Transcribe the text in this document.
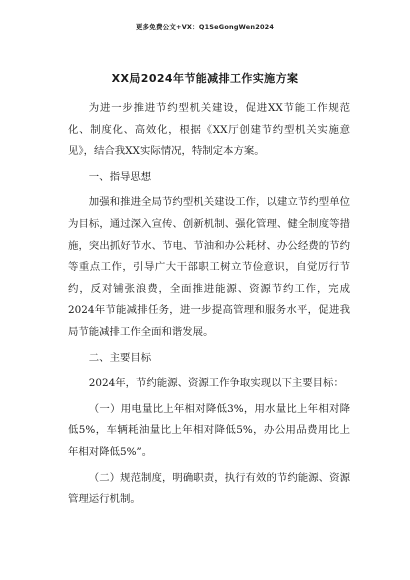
更多免费公文+VX：Q1SeGongWen2024
XX局2024年节能减排工作实施方案

为进一步推进节约型机关建设，促进XX节能工作规范化、制度化、高效化，根据《XX厅创建节约型机关实施意见》，结合我XX实际情况，特制定本方案。

一、指导思想

加强和推进全局节约型机关建设工作，以建立节约型单位为目标，通过深入宣传、创新机制、强化管理、健全制度等措施，突出抓好节水、节电、节油和办公耗材、办公经费的节约等重点工作，引导广大干部职工树立节俭意识，自觉厉行节约，反对铺张浪费，全面推进能源、资源节约工作，完成2024年节能减排任务，进一步提高管理和服务水平，促进我局节能减排工作全面和谐发展。

二、主要目标

2024年，节约能源、资源工作争取实现以下主要目标：

（一）用电量比上年相对降低3%，用水量比上年相对降低5%，车辆耗油量比上年相对降低5%，办公用品费用比上年相对降低5%”。

（二）规范制度，明确职责，执行有效的节约能源、资源管理运行机制。
